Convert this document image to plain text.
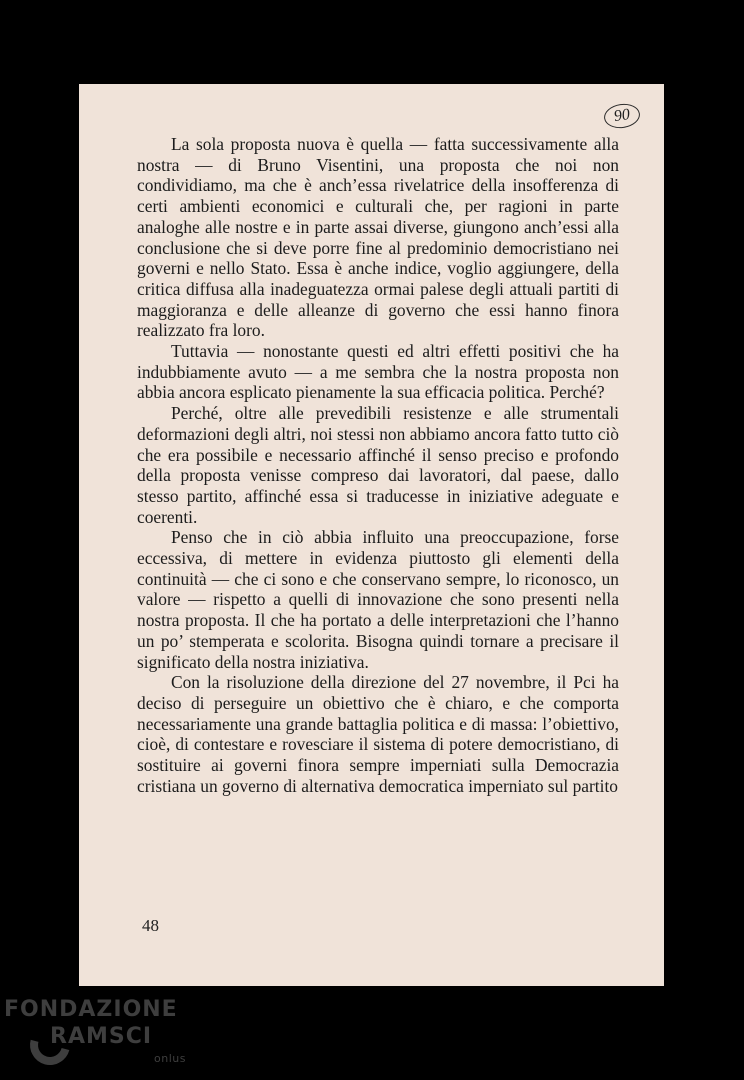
90

La sola proposta nuova è quella — fatta successivamente alla nostra — di Bruno Visentini, una proposta che noi non condividiamo, ma che è anch’essa rivelatrice della insofferenza di certi ambienti economici e culturali che, per ragioni in parte analoghe alle nostre e in parte assai diverse, giungono anch’essi alla conclusione che si deve porre fine al predominio democristiano nei governi e nello Stato. Essa è anche indice, voglio aggiungere, della critica diffusa alla inadeguatezza ormai palese degli attuali partiti di maggioranza e delle alleanze di governo che essi hanno finora realizzato fra loro.

Tuttavia — nonostante questi ed altri effetti positivi che ha indubbiamente avuto — a me sembra che la nostra proposta non abbia ancora esplicato pienamente la sua efficacia politica. Perché?

Perché, oltre alle prevedibili resistenze e alle strumentali deformazioni degli altri, noi stessi non abbiamo ancora fatto tutto ciò che era possibile e necessario affinché il senso preciso e profondo della proposta venisse compreso dai lavoratori, dal paese, dallo stesso partito, affinché essa si traducesse in iniziative adeguate e coerenti.

Penso che in ciò abbia influito una preoccupazione, forse eccessiva, di mettere in evidenza piuttosto gli elementi della continuità — che ci sono e che conservano sempre, lo riconosco, un valore — rispetto a quelli di innovazione che sono presenti nella nostra proposta. Il che ha portato a delle interpretazioni che l’hanno un po’ stemperata e scolorita. Bisogna quindi tornare a precisare il significato della nostra iniziativa.

Con la risoluzione della direzione del 27 novembre, il Pci ha deciso di perseguire un obiettivo che è chiaro, e che comporta necessariamente una grande battaglia politica e di massa: l’obiettivo, cioè, di contestare e rovesciare il sistema di potere democristiano, di sostituire ai governi finora sempre imperniati sulla Democrazia cristiana un governo di alternativa democratica imperniato sul partito

48
FONDAZIONE
RAMSCI
onlus
